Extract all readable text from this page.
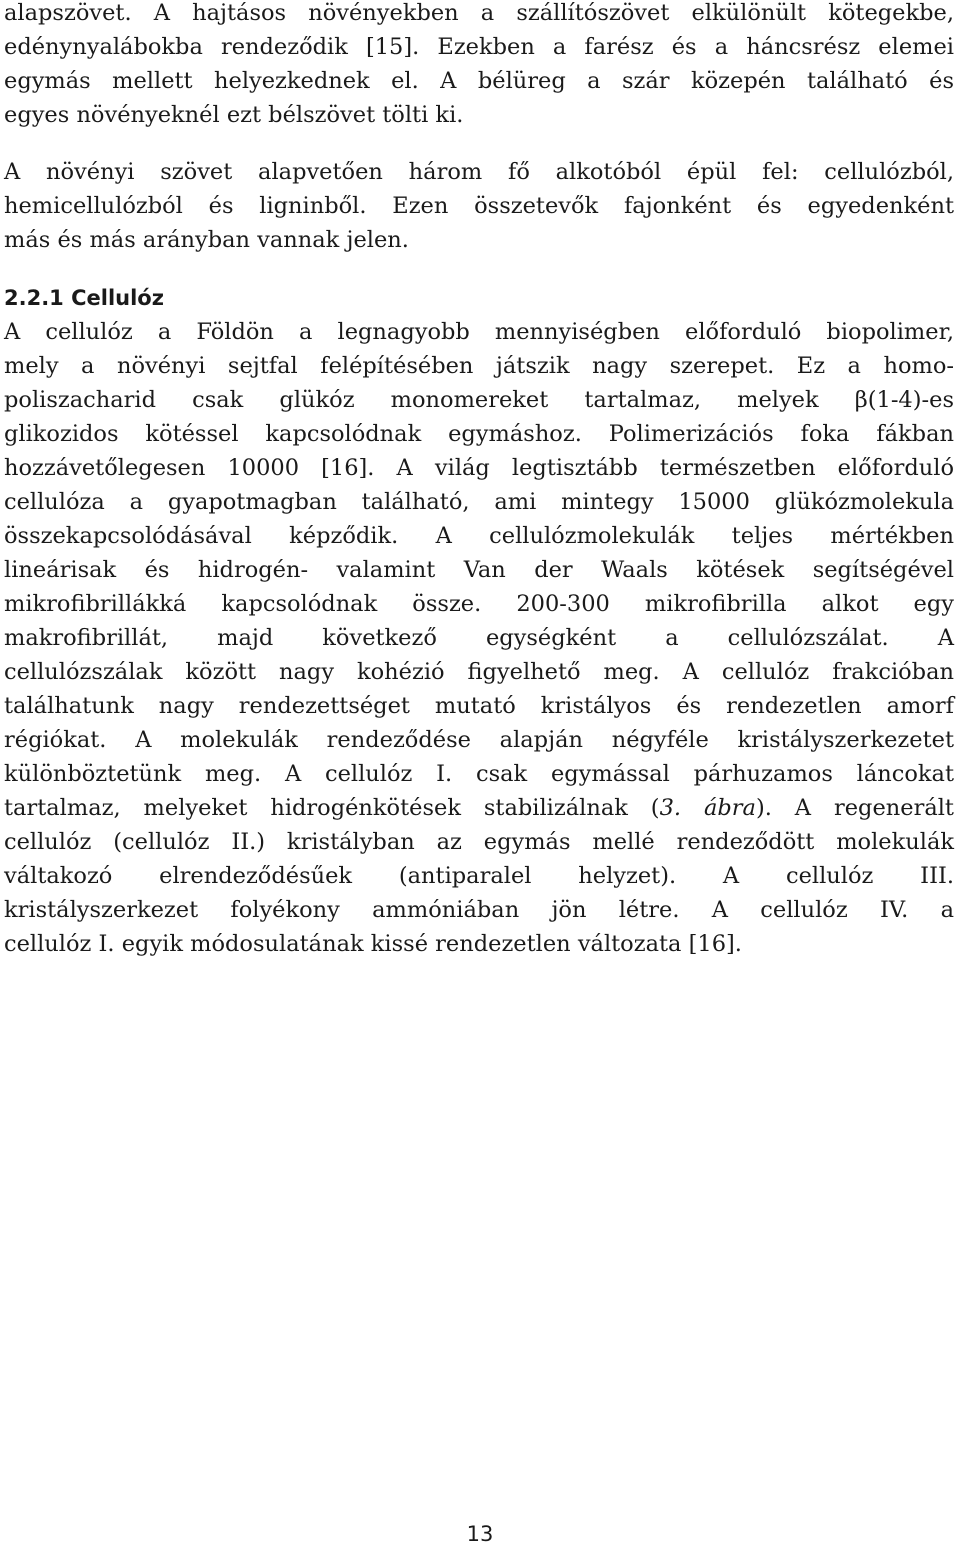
alapszövet. A hajtásos növényekben a szállítószövet elkülönült kötegekbe,
edénynyalábokba rendeződik [15]. Ezekben a farész és a háncsrész elemei
egymás mellett helyezkednek el. A bélüreg a szár közepén található és
egyes növényeknél ezt bélszövet tölti ki.
A növényi szövet alapvetően három fő alkotóból épül fel: cellulózból,
hemicellulózból és ligninből. Ezen összetevők fajonként és egyedenként
más és más arányban vannak jelen.
2.2.1 Cellulóz
A cellulóz a Földön a legnagyobb mennyiségben előforduló biopolimer,
mely a növényi sejtfal felépítésében játszik nagy szerepet. Ez a homo-
poliszacharid csak glükóz monomereket tartalmaz, melyek β(1-4)-es
glikozidos kötéssel kapcsolódnak egymáshoz. Polimerizációs foka fákban
hozzávetőlegesen 10000 [16]. A világ legtisztább természetben előforduló
cellulóza a gyapotmagban található, ami mintegy 15000 glükózmolekula
összekapcsolódásával képződik. A cellulózmolekulák teljes mértékben
lineárisak és hidrogén- valamint Van der Waals kötések segítségével
mikrofibrillákká kapcsolódnak össze. 200-300 mikrofibrilla alkot egy
makrofibrillát, majd következő egységként a cellulózszálat. A
cellulózszálak között nagy kohézió figyelhető meg. A cellulóz frakcióban
találhatunk nagy rendezettséget mutató kristályos és rendezetlen amorf
régiókat. A molekulák rendeződése alapján négyféle kristályszerkezetet
különböztetünk meg. A cellulóz I. csak egymással párhuzamos láncokat
tartalmaz, melyeket hidrogénkötések stabilizálnak (3. ábra). A regenerált
cellulóz (cellulóz II.) kristályban az egymás mellé rendeződött molekulák
váltakozó elrendeződésűek (antiparalel helyzet). A cellulóz III.
kristályszerkezet folyékony ammóniában jön létre. A cellulóz IV. a
cellulóz I. egyik módosulatának kissé rendezetlen változata [16].
13
